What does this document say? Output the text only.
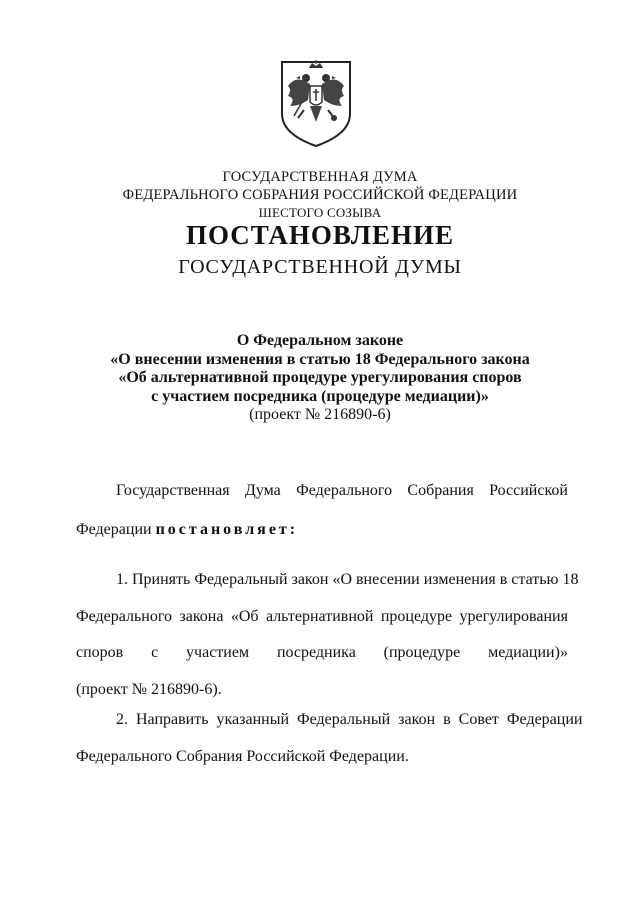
ГОСУДАРСТВЕННАЯ ДУМА
ФЕДЕРАЛЬНОГО СОБРАНИЯ РОССИЙСКОЙ ФЕДЕРАЦИИ
ШЕСТОГО СОЗЫВА
ПОСТАНОВЛЕНИЕ
ГОСУДАРСТВЕННОЙ ДУМЫ
О Федеральном законе
«О внесении изменения в статью 18 Федерального закона
«Об альтернативной процедуре урегулирования споров
с участием посредника (процедуре медиации)»
(проект № 216890-6)
Государственная Дума Федерального Собрания Российской
Федерации постановляет:
1. Принять Федеральный закон «О внесении изменения в статью 18
Федерального закона «Об альтернативной процедуре урегулирования
споров с участием посредника (процедуре медиации)»
(проект № 216890-6).
2. Направить указанный Федеральный закон в Совет Федерации
Федерального Собрания Российской Федерации.
